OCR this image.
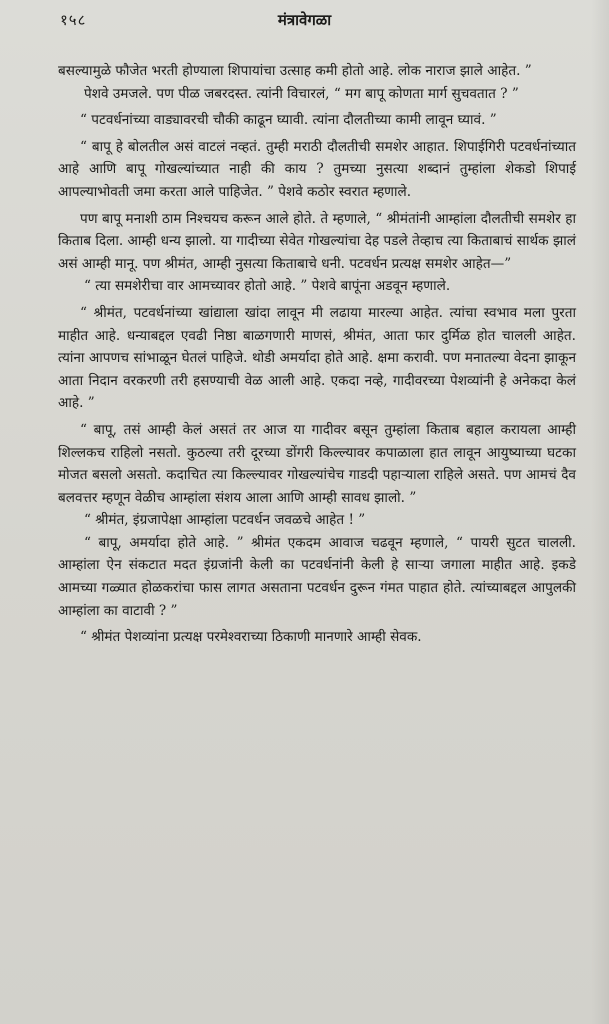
१५८	मंत्रावेगळा

बसल्यामुळे फौजेत भरती होण्याला शिपायांचा उत्साह कमी होतो आहे. लोक नाराज झाले आहेत. ”

पेशवे उमजले. पण पीळ जबरदस्त. त्यांनी विचारलं, “ मग बापू कोणता मार्ग सुचवतात ? ”

“ पटवर्धनांच्या वाड्यावरची चौकी काढून घ्यावी. त्यांना दौलतीच्या कामी लावून घ्यावं. ”

“ बापू हे बोलतील असं वाटलं नव्हतं. तुम्ही मराठी दौलतीची समशेर आहात. शिपाईगिरी पटवर्धनांच्यात आहे आणि बापू गोखल्यांच्यात नाही की काय ? तुमच्या नुसत्या शब्दानं तुम्हांला शेकडो शिपाई आपल्याभोवती जमा करता आले पाहिजेत. ” पेशवे कठोर स्वरात म्हणाले.

पण बापू मनाशी ठाम निश्चयच करून आले होते. ते म्हणाले, “ श्रीमंतांनी आम्हांला दौलतीची समशेर हा किताब दिला. आम्ही धन्य झालो. या गादीच्या सेवेत गोखल्यांचा देह पडले तेव्हाच त्या किताबाचं सार्थक झालं असं आम्ही मानू. पण श्रीमंत, आम्ही नुसत्या किताबाचे धनी. पटवर्धन प्रत्यक्ष समशेर आहेत—”

“ त्या समशेरीचा वार आमच्यावर होतो आहे. ” पेशवे बापूंना अडवून म्हणाले.

“ श्रीमंत, पटवर्धनांच्या खांद्याला खांदा लावून मी लढाया मारल्या आहेत. त्यांचा स्वभाव मला पुरता माहीत आहे. धन्याबद्दल एवढी निष्ठा बाळगणारी माणसं, श्रीमंत, आता फार दुर्मिळ होत चालली आहेत. त्यांना आपणच सांभाळून घेतलं पाहिजे. थोडी अमर्यादा होते आहे. क्षमा करावी. पण मनातल्या वेदना झाकून आता निदान वरकरणी तरी हसण्याची वेळ आली आहे. एकदा नव्हे, गादीवरच्या पेशव्यांनी हे अनेकदा केलं आहे. ”

“ बापू, तसं आम्ही केलं असतं तर आज या गादीवर बसून तुम्हांला किताब बहाल करायला आम्ही शिल्लकच राहिलो नसतो. कुठल्या तरी दूरच्या डोंगरी किल्ल्यावर कपाळाला हात लावून आयुष्याच्या घटका मोजत बसलो असतो. कदाचित त्या किल्ल्यावर गोखल्यांचेच गाडदी पहाऱ्याला राहिले असते. पण आमचं दैव बलवत्तर म्हणून वेळीच आम्हांला संशय आला आणि आम्ही सावध झालो. ”

“ श्रीमंत, इंग्रजापेक्षा आम्हांला पटवर्धन जवळचे आहेत ! ”

“ बापू, अमर्यादा होते आहे. ” श्रीमंत एकदम आवाज चढवून म्हणाले, “ पायरी सुटत चालली. आम्हांला ऐन संकटात मदत इंग्रजांनी केली का पटवर्धनांनी केली हे साऱ्या जगाला माहीत आहे. इकडे आमच्या गळ्यात होळकरांचा फास लागत असताना पटवर्धन दुरून गंमत पाहात होते. त्यांच्याबद्दल आपुलकी आम्हांला का वाटावी ? ”

“ श्रीमंत पेशव्यांना प्रत्यक्ष परमेश्वराच्या ठिकाणी मानणारे आम्ही सेवक.
